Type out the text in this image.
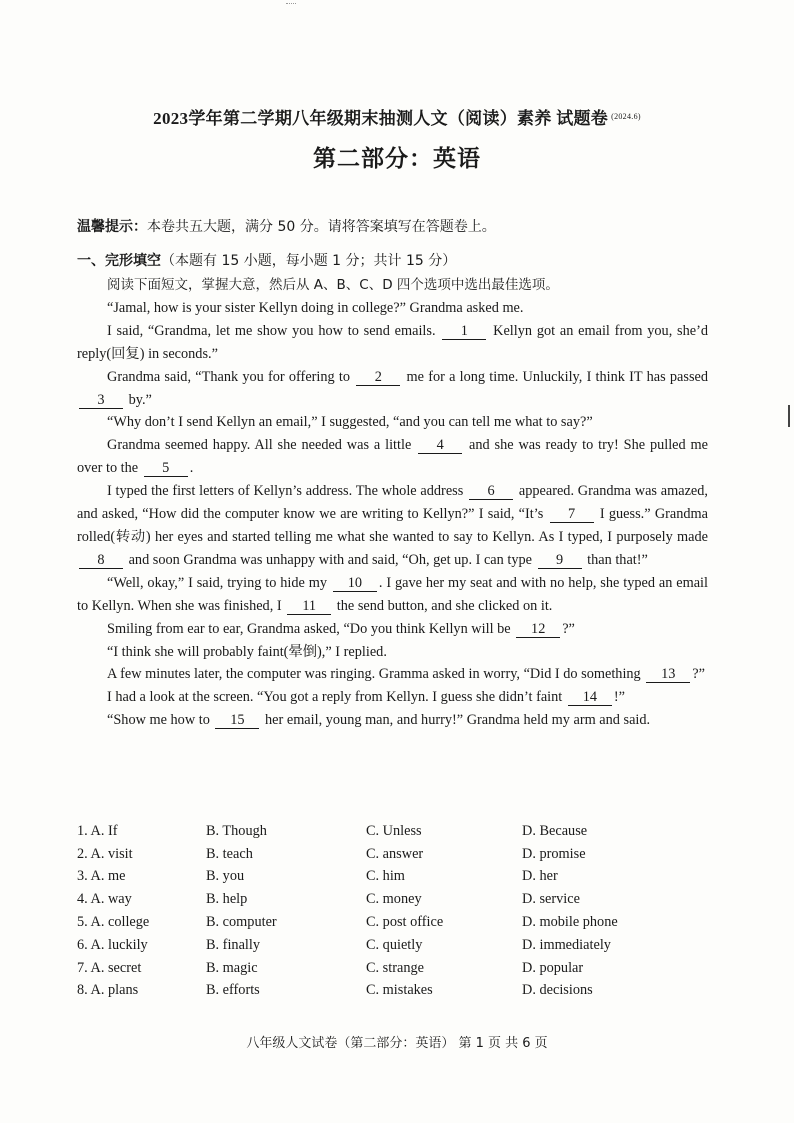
2023学年第二学期八年级期末抽测人文（阅读）素养 试题卷 $^{(2024.6)}$
第二部分：英语
温馨提示：本卷共五大题，满分 50 分。请将答案填写在答题卷上。
一、完形填空（本题有 15 小题，每小题 1 分；共计 15 分）

阅读下面短文，掌握大意，然后从 A、B、C、D 四个选项中选出最佳选项。

“Jamal, how is your sister Kellyn doing in college?” Grandma asked me.

I said, “Grandma, let me show you how to send emails. 1 Kellyn got an email from you, she’d reply(回复) in seconds.”

Grandma said, “Thank you for offering to 2 me for a long time. Unluckily, I think IT has passed 3 by.”

“Why don’t I send Kellyn an email,” I suggested, “and you can tell me what to say?”

Grandma seemed happy. All she needed was a little 4 and she was ready to try! She pulled me over to the 5 .

I typed the first letters of Kellyn’s address. The whole address 6 appeared. Grandma was amazed, and asked, “How did the computer know we are writing to Kellyn?” I said, “It’s 7 I guess.” Grandma rolled(转动) her eyes and started telling me what she wanted to say to Kellyn. As I typed, I purposely made 8 and soon Grandma was unhappy with and said, “Oh, get up. I can type 9 than that!”

“Well, okay,” I said, trying to hide my 10 . I gave her my seat and with no help, she typed an email to Kellyn. When she was finished, I 11 the send button, and she clicked on it.

Smiling from ear to ear, Grandma asked, “Do you think Kellyn will be 12 ?”

“I think she will probably faint(晕倒),” I replied.

A few minutes later, the computer was ringing. Gramma asked in worry, “Did I do something 13 ?”

I had a look at the screen. “You got a reply from Kellyn. I guess she didn’t faint 14 !”

“Show me how to 15 her email, young man, and hurry!” Grandma held my arm and said.

1. A. If	B. Though	C. Unless	D. Because
2. A. visit	B. teach	C. answer	D. promise
3. A. me	B. you	C. him	D. her
4. A. way	B. help	C. money	D. service
5. A. college	B. computer	C. post office	D. mobile phone
6. A. luckily	B. finally	C. quietly	D. immediately
7. A. secret	B. magic	C. strange	D. popular
8. A. plans	B. efforts	C. mistakes	D. decisions
八年级人文试卷（第二部分：英语） 第 1 页 共 6 页
